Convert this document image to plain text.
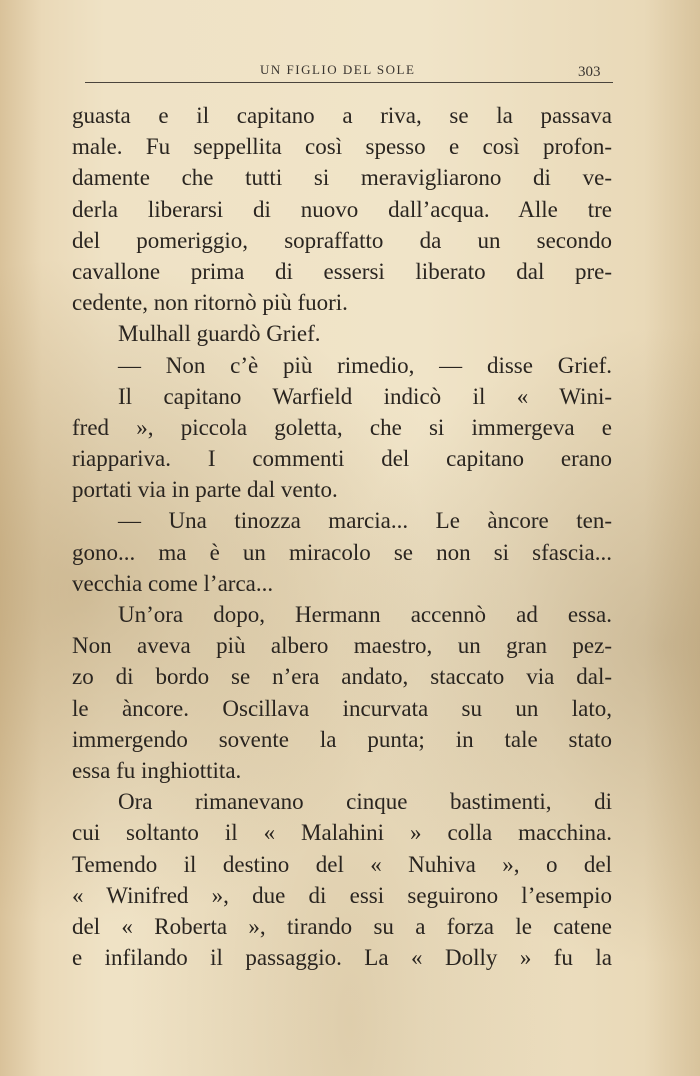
UN FIGLIO DEL SOLE	303
guasta e il capitano a riva, se la passava
male. Fu seppellita così spesso e così profon-
damente che tutti si meravigliarono di ve-
derla liberarsi di nuovo dall’acqua. Alle tre
del pomeriggio, sopraffatto da un secondo
cavallone prima di essersi liberato dal pre-
cedente, non ritornò più fuori.
Mulhall guardò Grief.
— Non c’è più rimedio, — disse Grief.
Il capitano Warfield indicò il « Wini-
fred », piccola goletta, che si immergeva e
riappariva. I commenti del capitano erano
portati via in parte dal vento.
— Una tinozza marcia... Le àncore ten-
gono... ma è un miracolo se non si sfascia...
vecchia come l’arca...
Un’ora dopo, Hermann accennò ad essa.
Non aveva più albero maestro, un gran pez-
zo di bordo se n’era andato, staccato via dal-
le àncore. Oscillava incurvata su un lato,
immergendo sovente la punta; in tale stato
essa fu inghiottita.
Ora rimanevano cinque bastimenti, di
cui soltanto il « Malahini » colla macchina.
Temendo il destino del « Nuhiva », o del
« Winifred », due di essi seguirono l’esempio
del « Roberta », tirando su a forza le catene
e infilando il passaggio. La « Dolly » fu la
